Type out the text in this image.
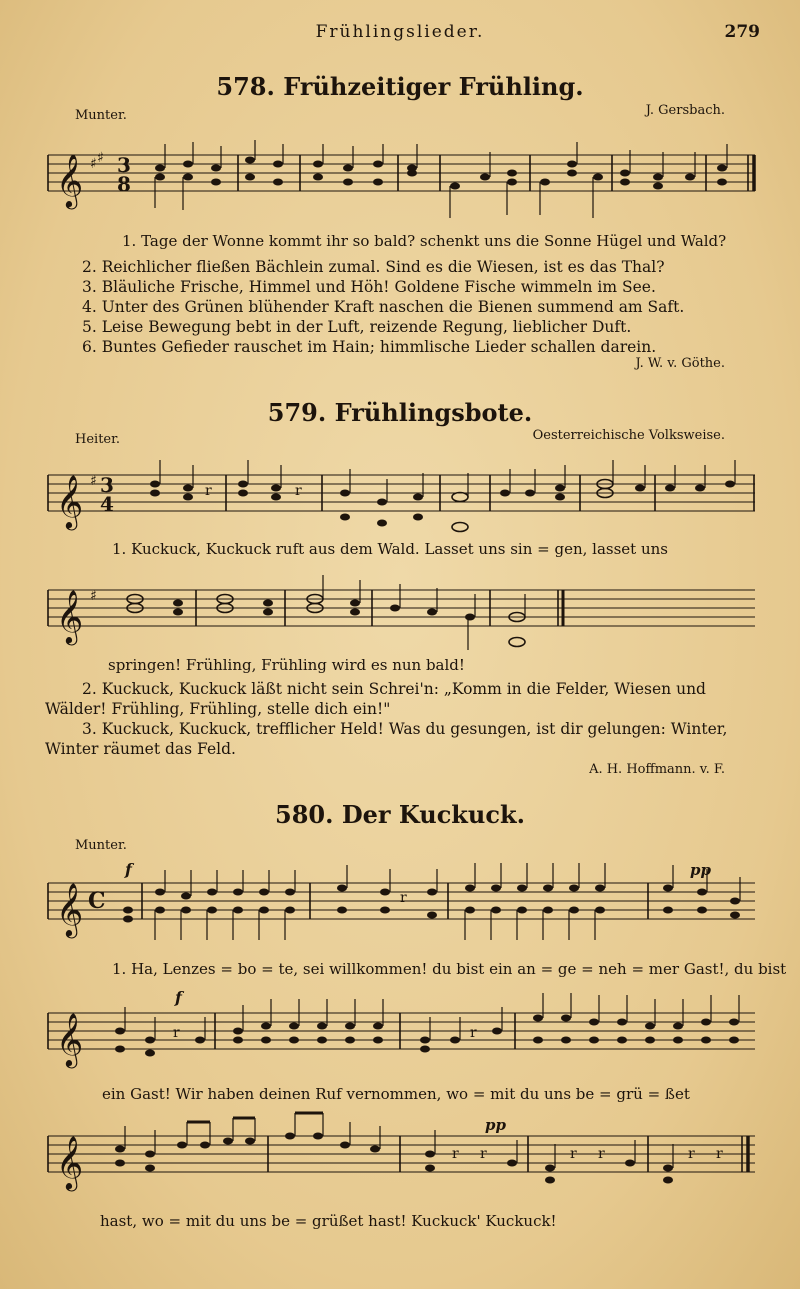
Frühlingslieder.	279
578. Frühzeitiger Frühling.
Munter.	J. Gersbach.
𝄞 ♯ ♯ 3
8
1. Tage der Wonne kommt ihr so bald? schenkt uns die Sonne Hügel und Wald?
2. Reichlicher fließen Bächlein zumal. Sind es die Wiesen, ist es das Thal?
3. Bläuliche Frische, Himmel und Höh! Goldene Fische wimmeln im See.
4. Unter des Grünen blühender Kraft naschen die Bienen summend am Saft.
5. Leise Bewegung bebt in der Luft, reizende Regung, lieblicher Duft.
6. Buntes Gefieder rauschet im Hain; himmlische Lieder schallen darein.
J. W. v. Göthe.
579. Frühlingsbote.
Heiter.	Oesterreichische Volksweise.
𝄞 ♯ 3
4
r	r
1. Kuckuck, Kuckuck ruft aus dem Wald. Lasset uns sin = gen, lasset uns
𝄞 ♯
springen! Frühling, Frühling wird es nun bald!
2. Kuckuck, Kuckuck läßt nicht sein Schrei'n: „Komm in die Felder, Wiesen und
Wälder! Frühling, Frühling, stelle dich ein!"
3. Kuckuck, Kuckuck, trefflicher Held! Was du gesungen, ist dir gelungen: Winter,
Winter räumet das Feld.
A. H. Hoffmann. v. F.
580. Der Kuckuck.
Munter.
𝄞 C
f
r
pp
1. Ha, Lenzes = bo = te, sei willkommen! du bist ein an = ge = neh = mer Gast!, du bist
𝄞
f
r	r
ein Gast! Wir haben deinen Ruf vernommen, wo = mit du uns be = grü = ßet
𝄞
pp
r r	r r	r r
hast, wo = mit du uns be = grüßet hast! Kuckuck' Kuckuck!
